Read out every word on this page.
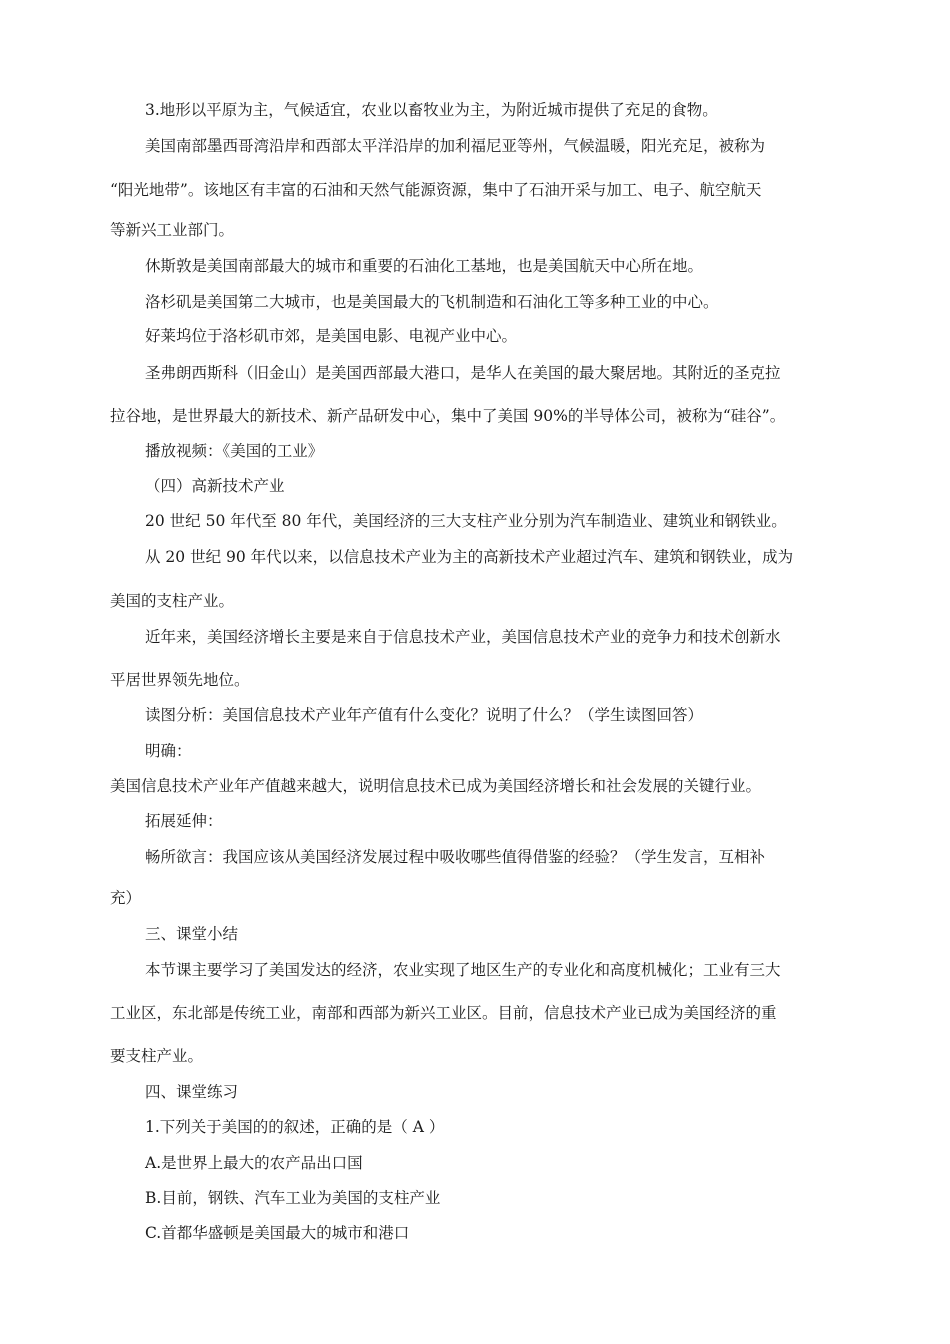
3.地形以平原为主，气候适宜，农业以畜牧业为主，为附近城市提供了充足的食物。
美国南部墨西哥湾沿岸和西部太平洋沿岸的加利福尼亚等州，气候温暖，阳光充足，被称为
“阳光地带”。该地区有丰富的石油和天然气能源资源，集中了石油开采与加工、电子、航空航天
等新兴工业部门。
休斯敦是美国南部最大的城市和重要的石油化工基地，也是美国航天中心所在地。
洛杉矶是美国第二大城市，也是美国最大的飞机制造和石油化工等多种工业的中心。
好莱坞位于洛杉矶市郊，是美国电影、电视产业中心。
圣弗朗西斯科（旧金山）是美国西部最大港口，是华人在美国的最大聚居地。其附近的圣克拉
拉谷地，是世界最大的新技术、新产品研发中心，集中了美国 90%的半导体公司，被称为“硅谷”。
播放视频：《美国的工业》
（四）高新技术产业
20 世纪 50 年代至 80 年代，美国经济的三大支柱产业分别为汽车制造业、建筑业和钢铁业。
从 20 世纪 90 年代以来，以信息技术产业为主的高新技术产业超过汽车、建筑和钢铁业，成为
美国的支柱产业。
近年来，美国经济增长主要是来自于信息技术产业，美国信息技术产业的竞争力和技术创新水
平居世界领先地位。
读图分析：美国信息技术产业年产值有什么变化？说明了什么？（学生读图回答）
明确：
美国信息技术产业年产值越来越大，说明信息技术已成为美国经济增长和社会发展的关键行业。
拓展延伸：
畅所欲言：我国应该从美国经济发展过程中吸收哪些值得借鉴的经验？（学生发言，互相补
充）
三、课堂小结
本节课主要学习了美国发达的经济，农业实现了地区生产的专业化和高度机械化；工业有三大
工业区，东北部是传统工业，南部和西部为新兴工业区。目前，信息技术产业已成为美国经济的重
要支柱产业。
四、课堂练习
1.下列关于美国的的叙述，正确的是（ A ）
A.是世界上最大的农产品出口国
B.目前，钢铁、汽车工业为美国的支柱产业
C.首都华盛顿是美国最大的城市和港口
